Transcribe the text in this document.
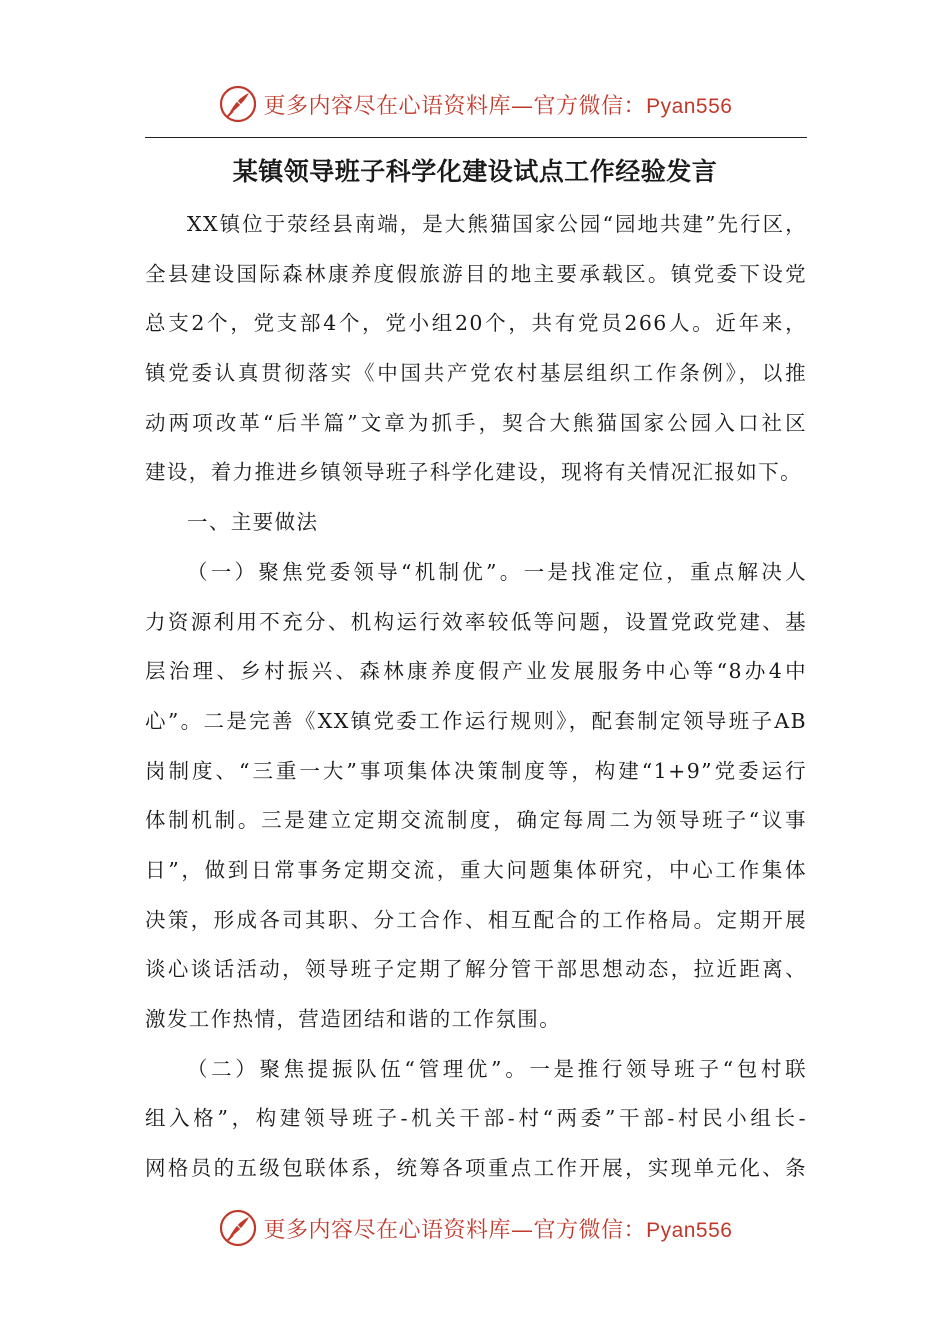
更多内容尽在心语资料库—官方微信：Pyan556
某镇领导班子科学化建设试点工作经验发言
XX镇位于荥经县南端，是大熊猫国家公园“园地共建”先行区，
全县建设国际森林康养度假旅游目的地主要承载区。镇党委下设党
总支2个，党支部4个，党小组20个，共有党员266人。近年来，
镇党委认真贯彻落实《中国共产党农村基层组织工作条例》，以推
动两项改革“后半篇”文章为抓手，契合大熊猫国家公园入口社区
建设，着力推进乡镇领导班子科学化建设，现将有关情况汇报如下。
一、主要做法
（一）聚焦党委领导“机制优”。一是找准定位，重点解决人
力资源利用不充分、机构运行效率较低等问题，设置党政党建、基
层治理、乡村振兴、森林康养度假产业发展服务中心等“8办4中
心”。二是完善《XX镇党委工作运行规则》，配套制定领导班子AB
岗制度、“三重一大”事项集体决策制度等，构建“1+9”党委运行
体制机制。三是建立定期交流制度，确定每周二为领导班子“议事
日”，做到日常事务定期交流，重大问题集体研究，中心工作集体
决策，形成各司其职、分工合作、相互配合的工作格局。定期开展
谈心谈话活动，领导班子定期了解分管干部思想动态，拉近距离、
激发工作热情，营造团结和谐的工作氛围。
（二）聚焦提振队伍“管理优”。一是推行领导班子“包村联
组入格”，构建领导班子-机关干部-村“两委”干部-村民小组长-
网格员的五级包联体系，统筹各项重点工作开展，实现单元化、条
更多内容尽在心语资料库—官方微信：Pyan556
